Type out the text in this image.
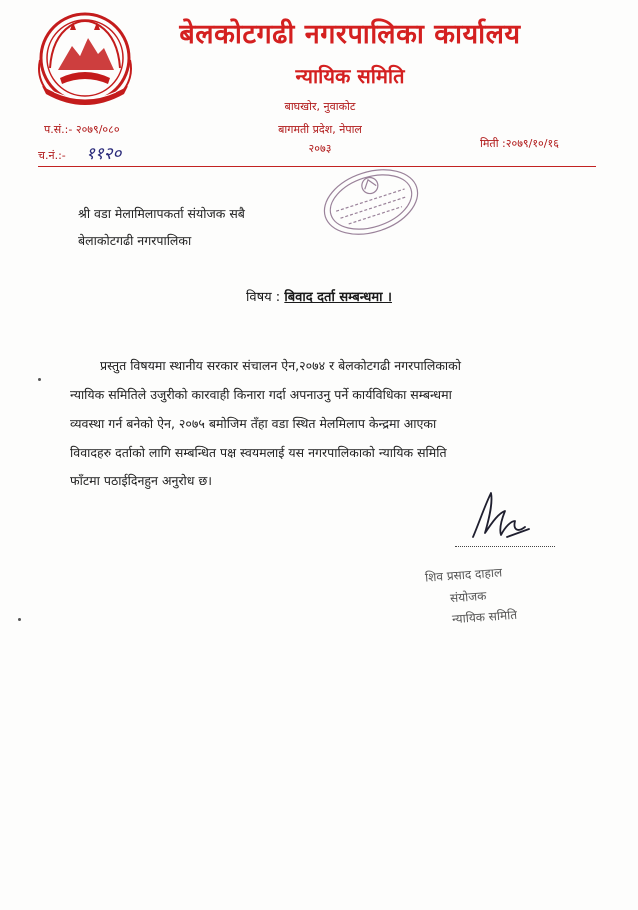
बेलकोटगढी नगरपालिका कार्यालय
न्यायिक समिति
बाघखोर, नुवाकोट
बागमती प्रदेश, नेपाल
२०७३
प.सं.:- २०७९/०८०
च.नं.:- ११२०
मिती :२०७९/१०/१६
श्री वडा मेलामिलापकर्ता संयोजक सबै
बेलाकोटगढी नगरपालिका
विषय : बिवाद दर्ता सम्बन्धमा ।
प्रस्तुत विषयमा स्थानीय सरकार संचालन ऐन,२०७४ र बेलकोटगढी नगरपालिकाको
न्यायिक समितिले उजुरीको कारवाही किनारा गर्दा अपनाउनु पर्ने कार्यविधिका सम्बन्धमा
व्यवस्था गर्न बनेको ऐन, २०७५ बमोजिम तँहा वडा स्थित मेलमिलाप केन्द्रमा आएका
विवादहरु दर्ताको लागि सम्बन्धित पक्ष स्वयमलाई यस नगरपालिकाको न्यायिक समिति
फाँटमा पठाईदिनहुन अनुरोध छ।
शिव प्रसाद दाहाल
संयोजक
न्यायिक समिति
